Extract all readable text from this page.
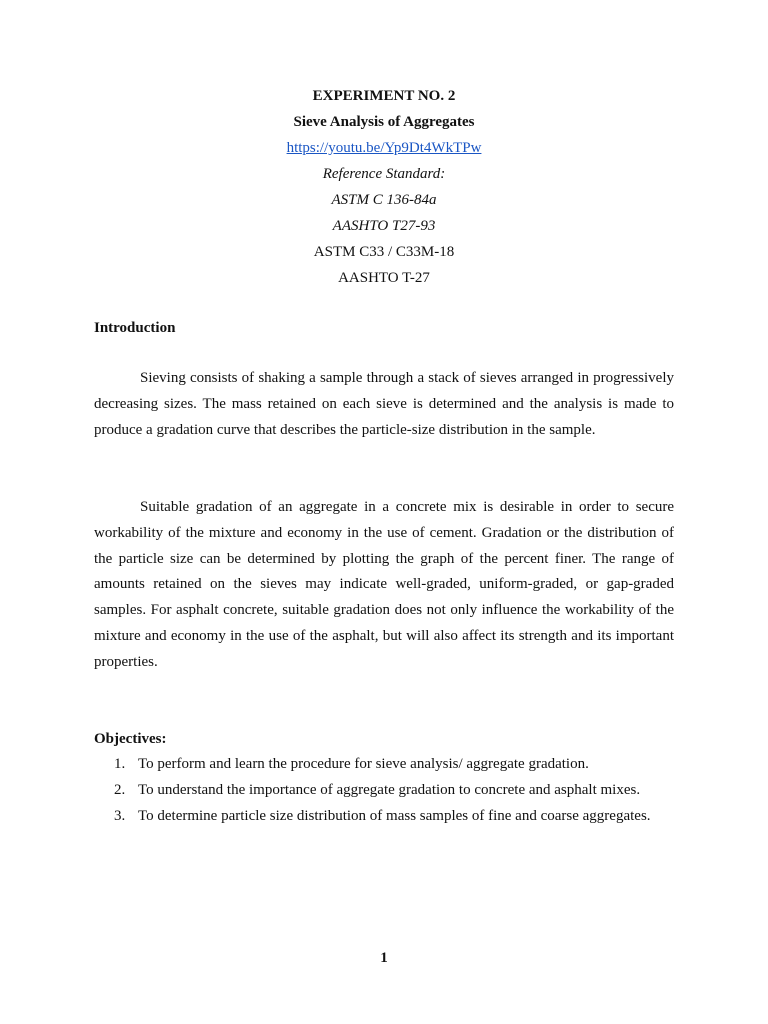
EXPERIMENT NO. 2
Sieve Analysis of Aggregates
https://youtu.be/Yp9Dt4WkTPw
Reference Standard:
ASTM C 136-84a
AASHTO T27-93
ASTM C33 / C33M-18
AASHTO T-27
Introduction

Sieving consists of shaking a sample through a stack of sieves arranged in progressively decreasing sizes. The mass retained on each sieve is determined and the analysis is made to produce a gradation curve that describes the particle-size distribution in the sample.

Suitable gradation of an aggregate in a concrete mix is desirable in order to secure workability of the mixture and economy in the use of cement. Gradation or the distribution of the particle size can be determined by plotting the graph of the percent finer. The range of amounts retained on the sieves may indicate well-graded, uniform-graded, or gap-graded samples. For asphalt concrete, suitable gradation does not only influence the workability of the mixture and economy in the use of the asphalt, but will also affect its strength and its important properties.

Objectives:
1. To perform and learn the procedure for sieve analysis/ aggregate gradation.
2. To understand the importance of aggregate gradation to concrete and asphalt mixes.
3. To determine particle size distribution of mass samples of fine and coarse aggregates.
1
